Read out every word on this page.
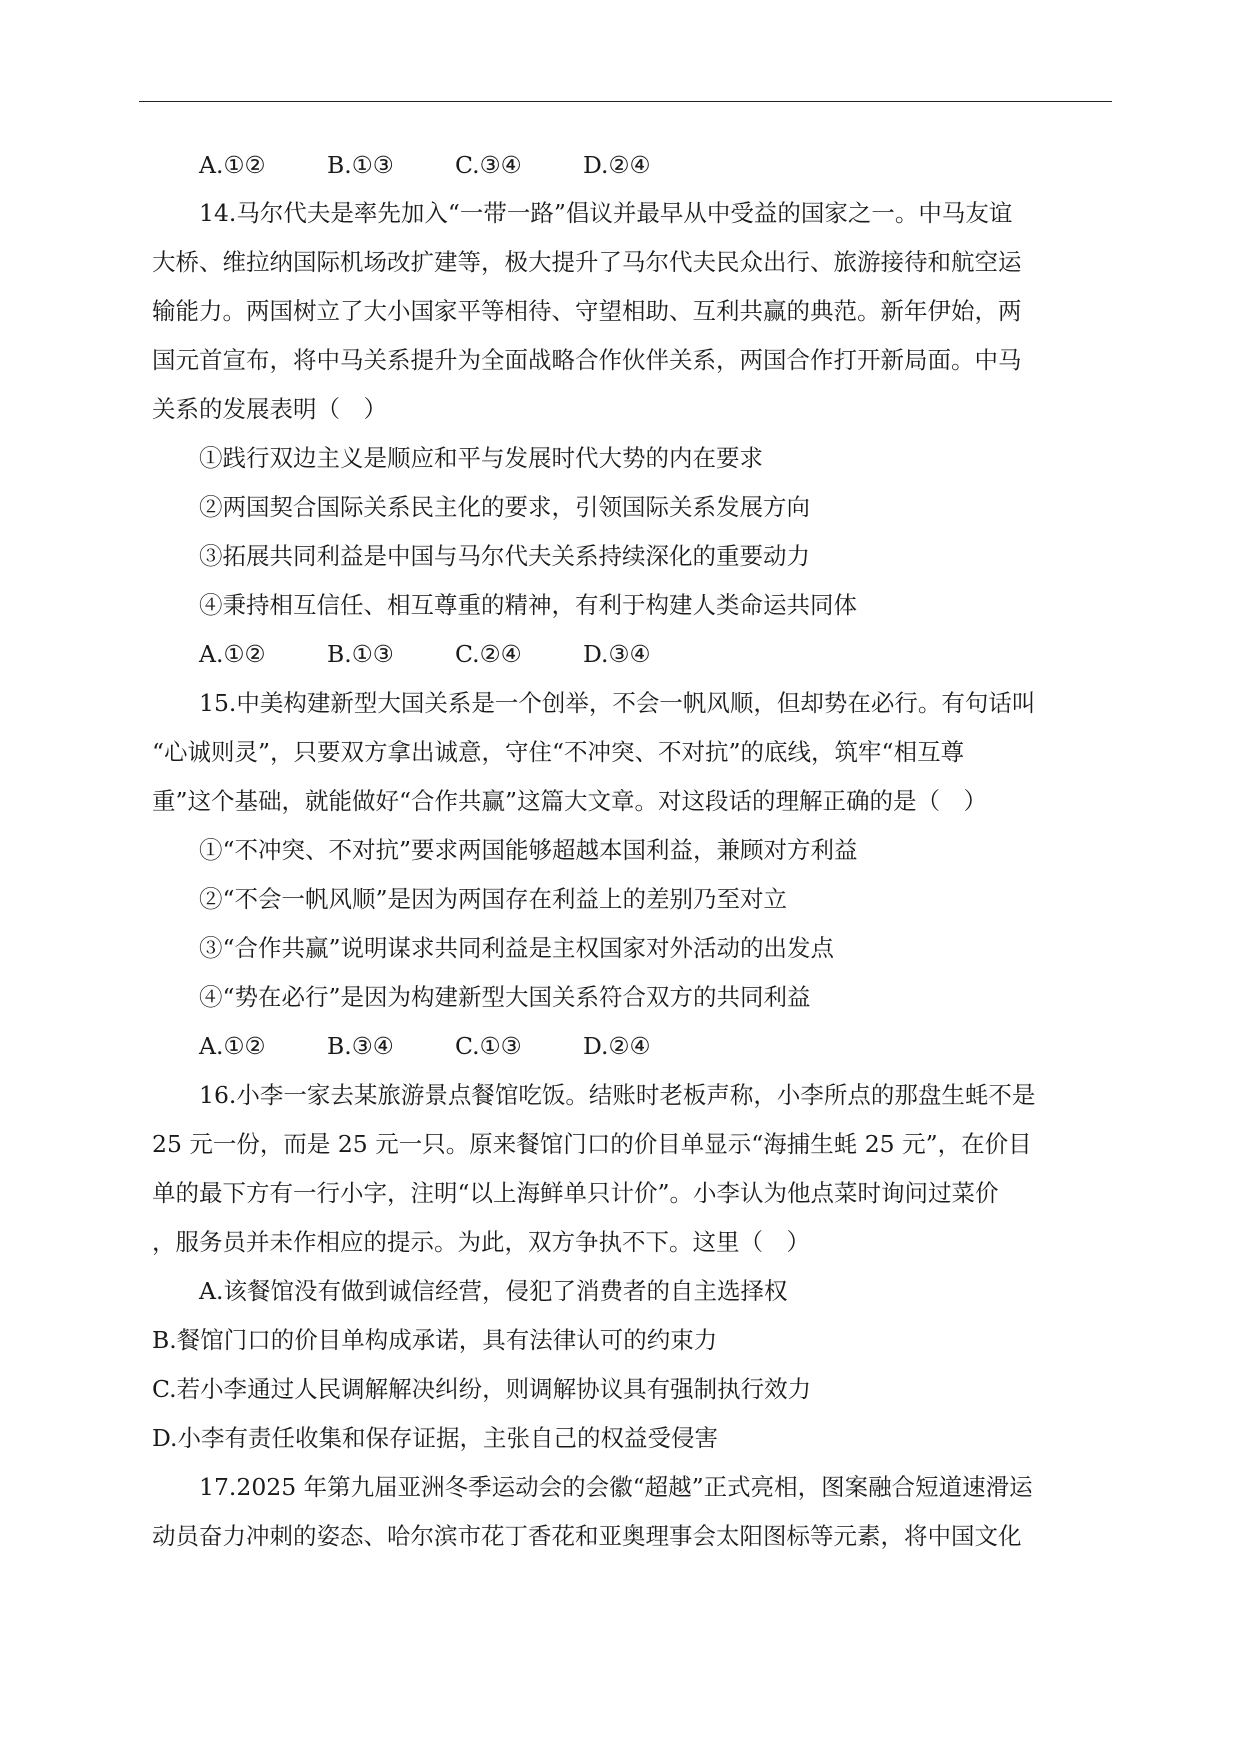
A.①②	B.①③	C.③④	D.②④
14.马尔代夫是率先加入“一带一路”倡议并最早从中受益的国家之一。中马友谊
大桥、维拉纳国际机场改扩建等，极大提升了马尔代夫民众出行、旅游接待和航空运
输能力。两国树立了大小国家平等相待、守望相助、互利共赢的典范。新年伊始，两
国元首宣布，将中马关系提升为全面战略合作伙伴关系，两国合作打开新局面。中马
关系的发展表明（　）
①践行双边主义是顺应和平与发展时代大势的内在要求
②两国契合国际关系民主化的要求，引领国际关系发展方向
③拓展共同利益是中国与马尔代夫关系持续深化的重要动力
④秉持相互信任、相互尊重的精神，有利于构建人类命运共同体
A.①②	B.①③	C.②④	D.③④
15.中美构建新型大国关系是一个创举，不会一帆风顺，但却势在必行。有句话叫
“心诚则灵”，只要双方拿出诚意，守住“不冲突、不对抗”的底线，筑牢“相互尊
重”这个基础，就能做好“合作共赢”这篇大文章。对这段话的理解正确的是（　）
①“不冲突、不对抗”要求两国能够超越本国利益，兼顾对方利益
②“不会一帆风顺”是因为两国存在利益上的差别乃至对立
③“合作共赢”说明谋求共同利益是主权国家对外活动的出发点
④“势在必行”是因为构建新型大国关系符合双方的共同利益
A.①②	B.③④	C.①③	D.②④
16.小李一家去某旅游景点餐馆吃饭。结账时老板声称，小李所点的那盘生蚝不是
25 元一份，而是 25 元一只。原来餐馆门口的价目单显示“海捕生蚝 25 元”，在价目
单的最下方有一行小字，注明“以上海鲜单只计价”。小李认为他点菜时询问过菜价
，服务员并未作相应的提示。为此，双方争执不下。这里（　）
A.该餐馆没有做到诚信经营，侵犯了消费者的自主选择权
B.餐馆门口的价目单构成承诺，具有法律认可的约束力
C.若小李通过人民调解解决纠纷，则调解协议具有强制执行效力
D.小李有责任收集和保存证据，主张自己的权益受侵害
17.2025 年第九届亚洲冬季运动会的会徽“超越”正式亮相，图案融合短道速滑运
动员奋力冲刺的姿态、哈尔滨市花丁香花和亚奥理事会太阳图标等元素，将中国文化
